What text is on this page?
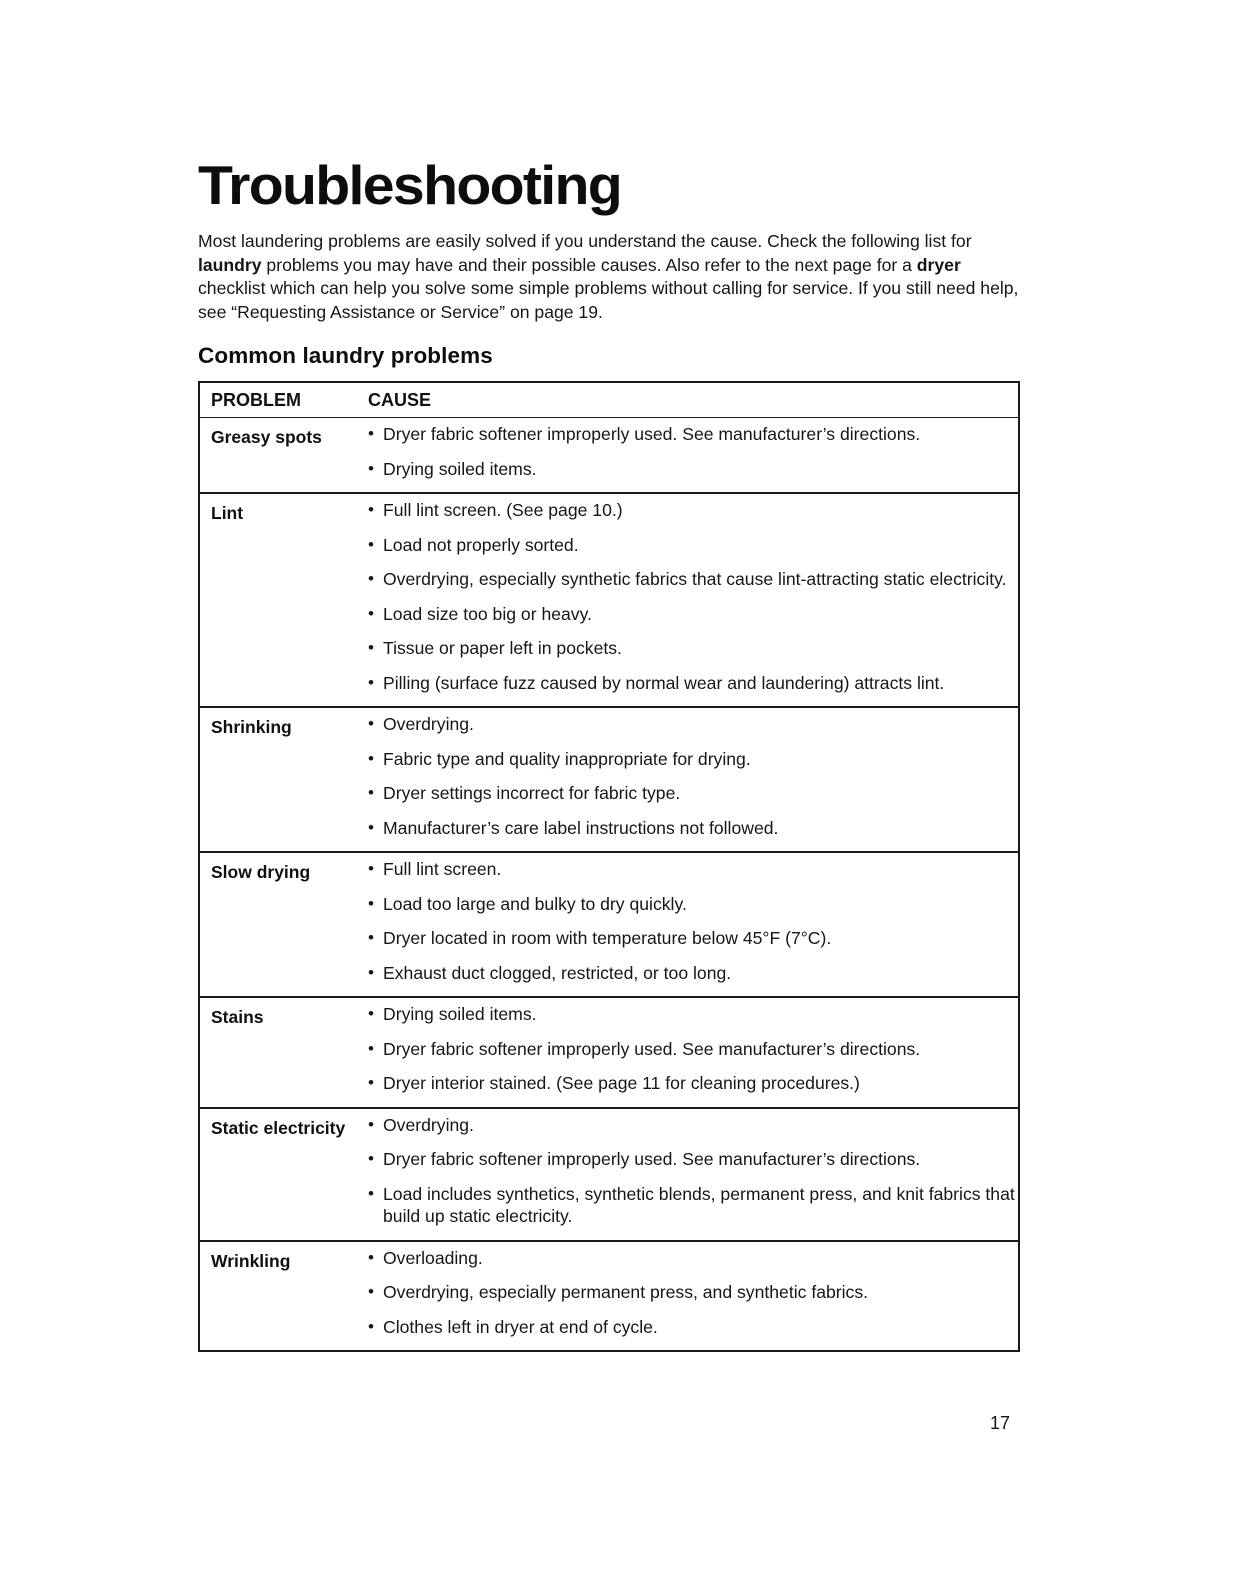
Troubleshooting

Most laundering problems are easily solved if you understand the cause. Check the following list for laundry problems you may have and their possible causes. Also refer to the next page for a dryer checklist which can help you solve some simple problems without calling for service. If you still need help, see “Requesting Assistance or Service” on page 19.

Common laundry problems
PROBLEM	CAUSE
Greasy spots	• Dryer fabric softener improperly used. See manufacturer’s directions.
• Drying soiled items.
Lint	• Full lint screen. (See page 10.)
• Load not properly sorted.
• Overdrying, especially synthetic fabrics that cause lint-attracting static electricity.
• Load size too big or heavy.
• Tissue or paper left in pockets.
• Pilling (surface fuzz caused by normal wear and laundering) attracts lint.
Shrinking	• Overdrying.
• Fabric type and quality inappropriate for drying.
• Dryer settings incorrect for fabric type.
• Manufacturer’s care label instructions not followed.
Slow drying	• Full lint screen.
• Load too large and bulky to dry quickly.
• Dryer located in room with temperature below 45°F (7°C).
• Exhaust duct clogged, restricted, or too long.
Stains	• Drying soiled items.
• Dryer fabric softener improperly used. See manufacturer’s directions.
• Dryer interior stained. (See page 11 for cleaning procedures.)
Static electricity	• Overdrying.
• Dryer fabric softener improperly used. See manufacturer’s directions.
• Load includes synthetics, synthetic blends, permanent press, and knit fabrics that build up static electricity.
Wrinkling	• Overloading.
• Overdrying, especially permanent press, and synthetic fabrics.
• Clothes left in dryer at end of cycle.
17
